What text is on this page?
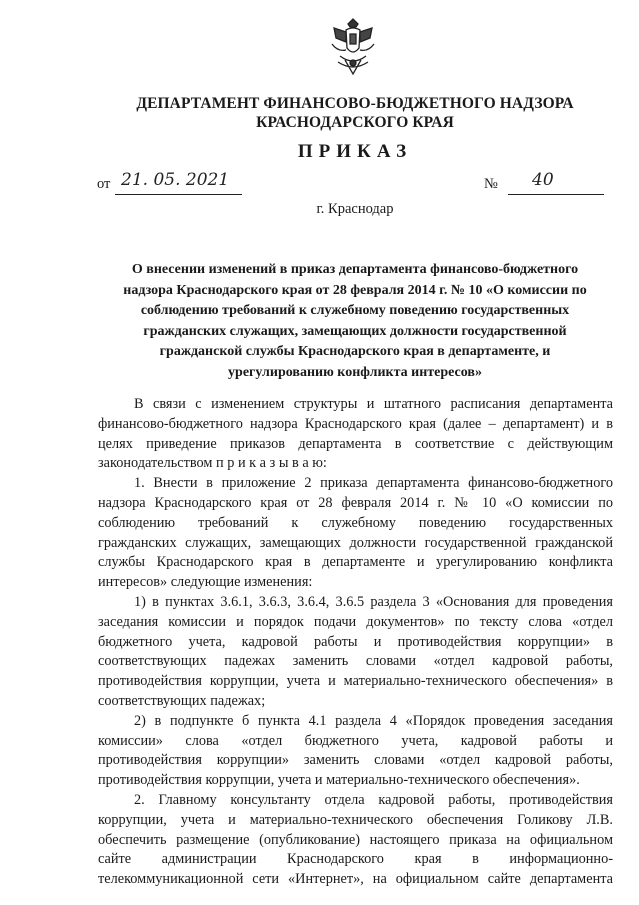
ДЕПАРТАМЕНТ ФИНАНСОВО-БЮДЖЕТНОГО НАДЗОРА
КРАСНОДАРСКОГО КРАЯ
ПРИКАЗ
от 21. 05. 2021	№ 40
г. Краснодар
О внесении изменений в приказ департамента финансово-бюджетного
надзора Краснодарского края от 28 февраля 2014 г. № 10 «О комиссии по
соблюдению требований к служебному поведению государственных
гражданских служащих, замещающих должности государственной
гражданской службы Краснодарского края в департаменте, и
урегулированию конфликта интересов»
В связи с изменением структуры и штатного расписания департамента
финансово-бюджетного надзора Краснодарского края (далее – департамент) и в
целях приведение приказов департамента в соответствие с действующим
законодательством п р и к а з ы в а ю:
1. Внести в приложение 2 приказа департамента финансово-бюджетного
надзора Краснодарского края от 28 февраля 2014 г. № 10 «О комиссии по
соблюдению требований к служебному поведению государственных
гражданских служащих, замещающих должности государственной гражданской
службы Краснодарского края в департаменте и урегулированию конфликта
интересов» следующие изменения:
1) в пунктах 3.6.1, 3.6.3, 3.6.4, 3.6.5 раздела 3 «Основания для проведения
заседания комиссии и порядок подачи документов» по тексту слова «отдел
бюджетного учета, кадровой работы и противодействия коррупции» в
соответствующих падежах заменить словами «отдел кадровой работы,
противодействия коррупции, учета и материально-технического обеспечения» в
соответствующих падежах;
2) в подпункте б пункта 4.1 раздела 4 «Порядок проведения заседания
комиссии» слова «отдел бюджетного учета, кадровой работы и
противодействия коррупции» заменить словами «отдел кадровой работы,
противодействия коррупции, учета и материально-технического обеспечения».
2. Главному консультанту отдела кадровой работы, противодействия
коррупции, учета и материально-технического обеспечения Голикову Л.В.
обеспечить размещение (опубликование) настоящего приказа на официальном
сайте администрации Краснодарского края в информационно-
телекоммуникационной сети «Интернет», на официальном сайте департамента
